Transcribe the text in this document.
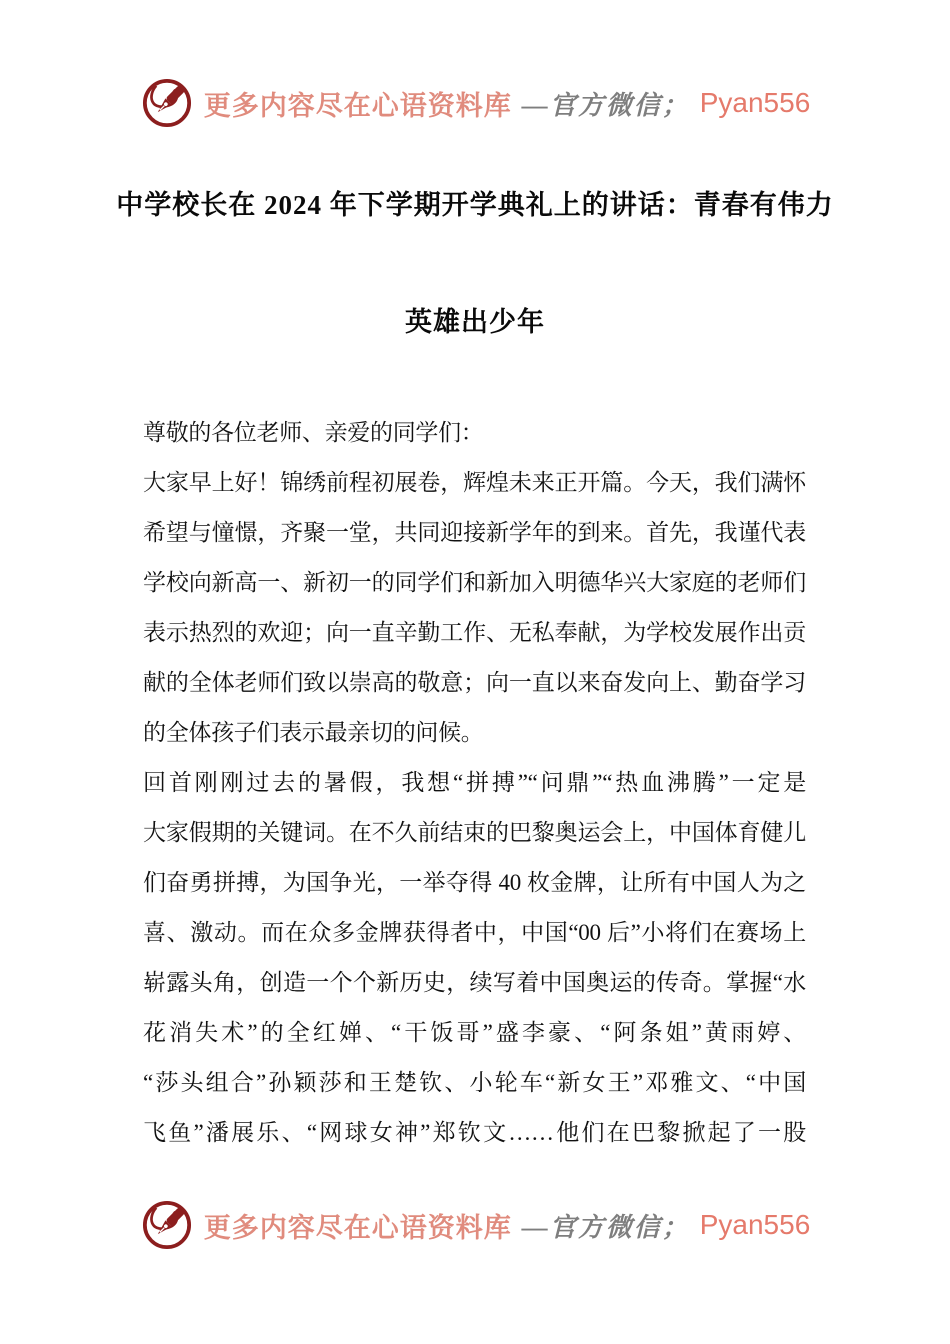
更多内容尽在心语资料库 —官方微信； Pyan556
中学校长在 2024 年下学期开学典礼上的讲话：青春有伟力
英雄出少年
尊敬的各位老师、亲爱的同学们：
大家早上好！锦绣前程初展卷，辉煌未来正开篇。今天，我们满怀
希望与憧憬，齐聚一堂，共同迎接新学年的到来。首先，我谨代表
学校向新高一、新初一的同学们和新加入明德华兴大家庭的老师们
表示热烈的欢迎；向一直辛勤工作、无私奉献，为学校发展作出贡
献的全体老师们致以崇高的敬意；向一直以来奋发向上、勤奋学习
的全体孩子们表示最亲切的问候。
回首刚刚过去的暑假，我想“拼搏”“问鼎”“热血沸腾”一定是
大家假期的关键词。在不久前结束的巴黎奥运会上，中国体育健儿
们奋勇拼搏，为国争光，一举夺得 40 枚金牌，让所有中国人为之
喜、激动。而在众多金牌获得者中，中国“00 后”小将们在赛场上
崭露头角，创造一个个新历史，续写着中国奥运的传奇。掌握“水
花消失术”的全红婵、“干饭哥”盛李豪、“阿条姐”黄雨婷、
“莎头组合”孙颖莎和王楚钦、小轮车“新女王”邓雅文、“中国
飞鱼”潘展乐、“网球女神”郑钦文……他们在巴黎掀起了一股
更多内容尽在心语资料库 —官方微信； Pyan556
